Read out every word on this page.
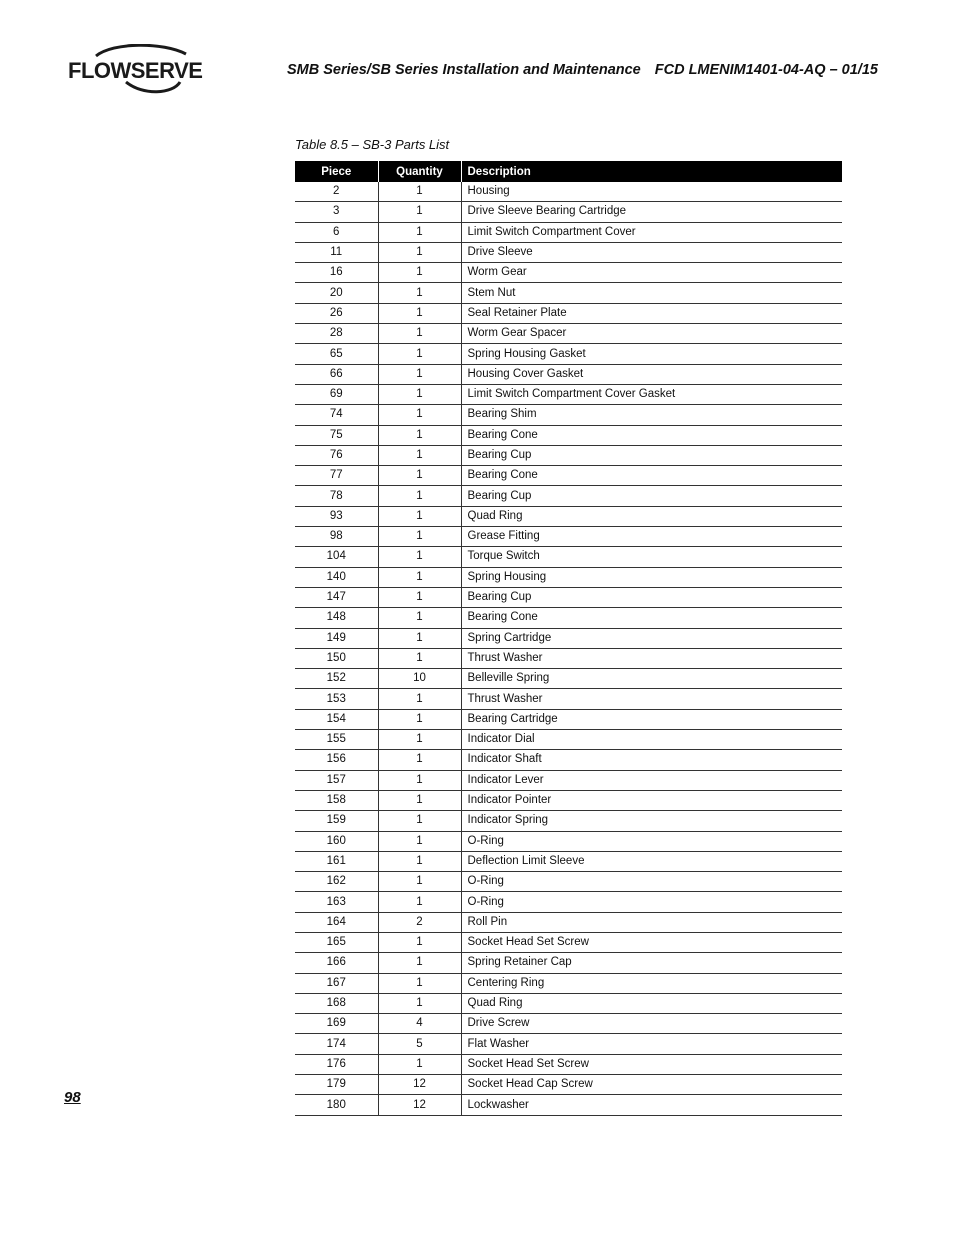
FLOWSERVE	SMB Series/SB Series Installation and Maintenance FCD LMENIM1401-04-AQ – 01/15
Table 8.5 – SB-3 Parts List
Piece	Quantity	Description
2	1	Housing
3	1	Drive Sleeve Bearing Cartridge
6	1	Limit Switch Compartment Cover
11	1	Drive Sleeve
16	1	Worm Gear
20	1	Stem Nut
26	1	Seal Retainer Plate
28	1	Worm Gear Spacer
65	1	Spring Housing Gasket
66	1	Housing Cover Gasket
69	1	Limit Switch Compartment Cover Gasket
74	1	Bearing Shim
75	1	Bearing Cone
76	1	Bearing Cup
77	1	Bearing Cone
78	1	Bearing Cup
93	1	Quad Ring
98	1	Grease Fitting
104	1	Torque Switch
140	1	Spring Housing
147	1	Bearing Cup
148	1	Bearing Cone
149	1	Spring Cartridge
150	1	Thrust Washer
152	10	Belleville Spring
153	1	Thrust Washer
154	1	Bearing Cartridge
155	1	Indicator Dial
156	1	Indicator Shaft
157	1	Indicator Lever
158	1	Indicator Pointer
159	1	Indicator Spring
160	1	O-Ring
161	1	Deflection Limit Sleeve
162	1	O-Ring
163	1	O-Ring
164	2	Roll Pin
165	1	Socket Head Set Screw
166	1	Spring Retainer Cap
167	1	Centering Ring
168	1	Quad Ring
169	4	Drive Screw
174	5	Flat Washer
176	1	Socket Head Set Screw
179	12	Socket Head Cap Screw
180	12	Lockwasher
98
